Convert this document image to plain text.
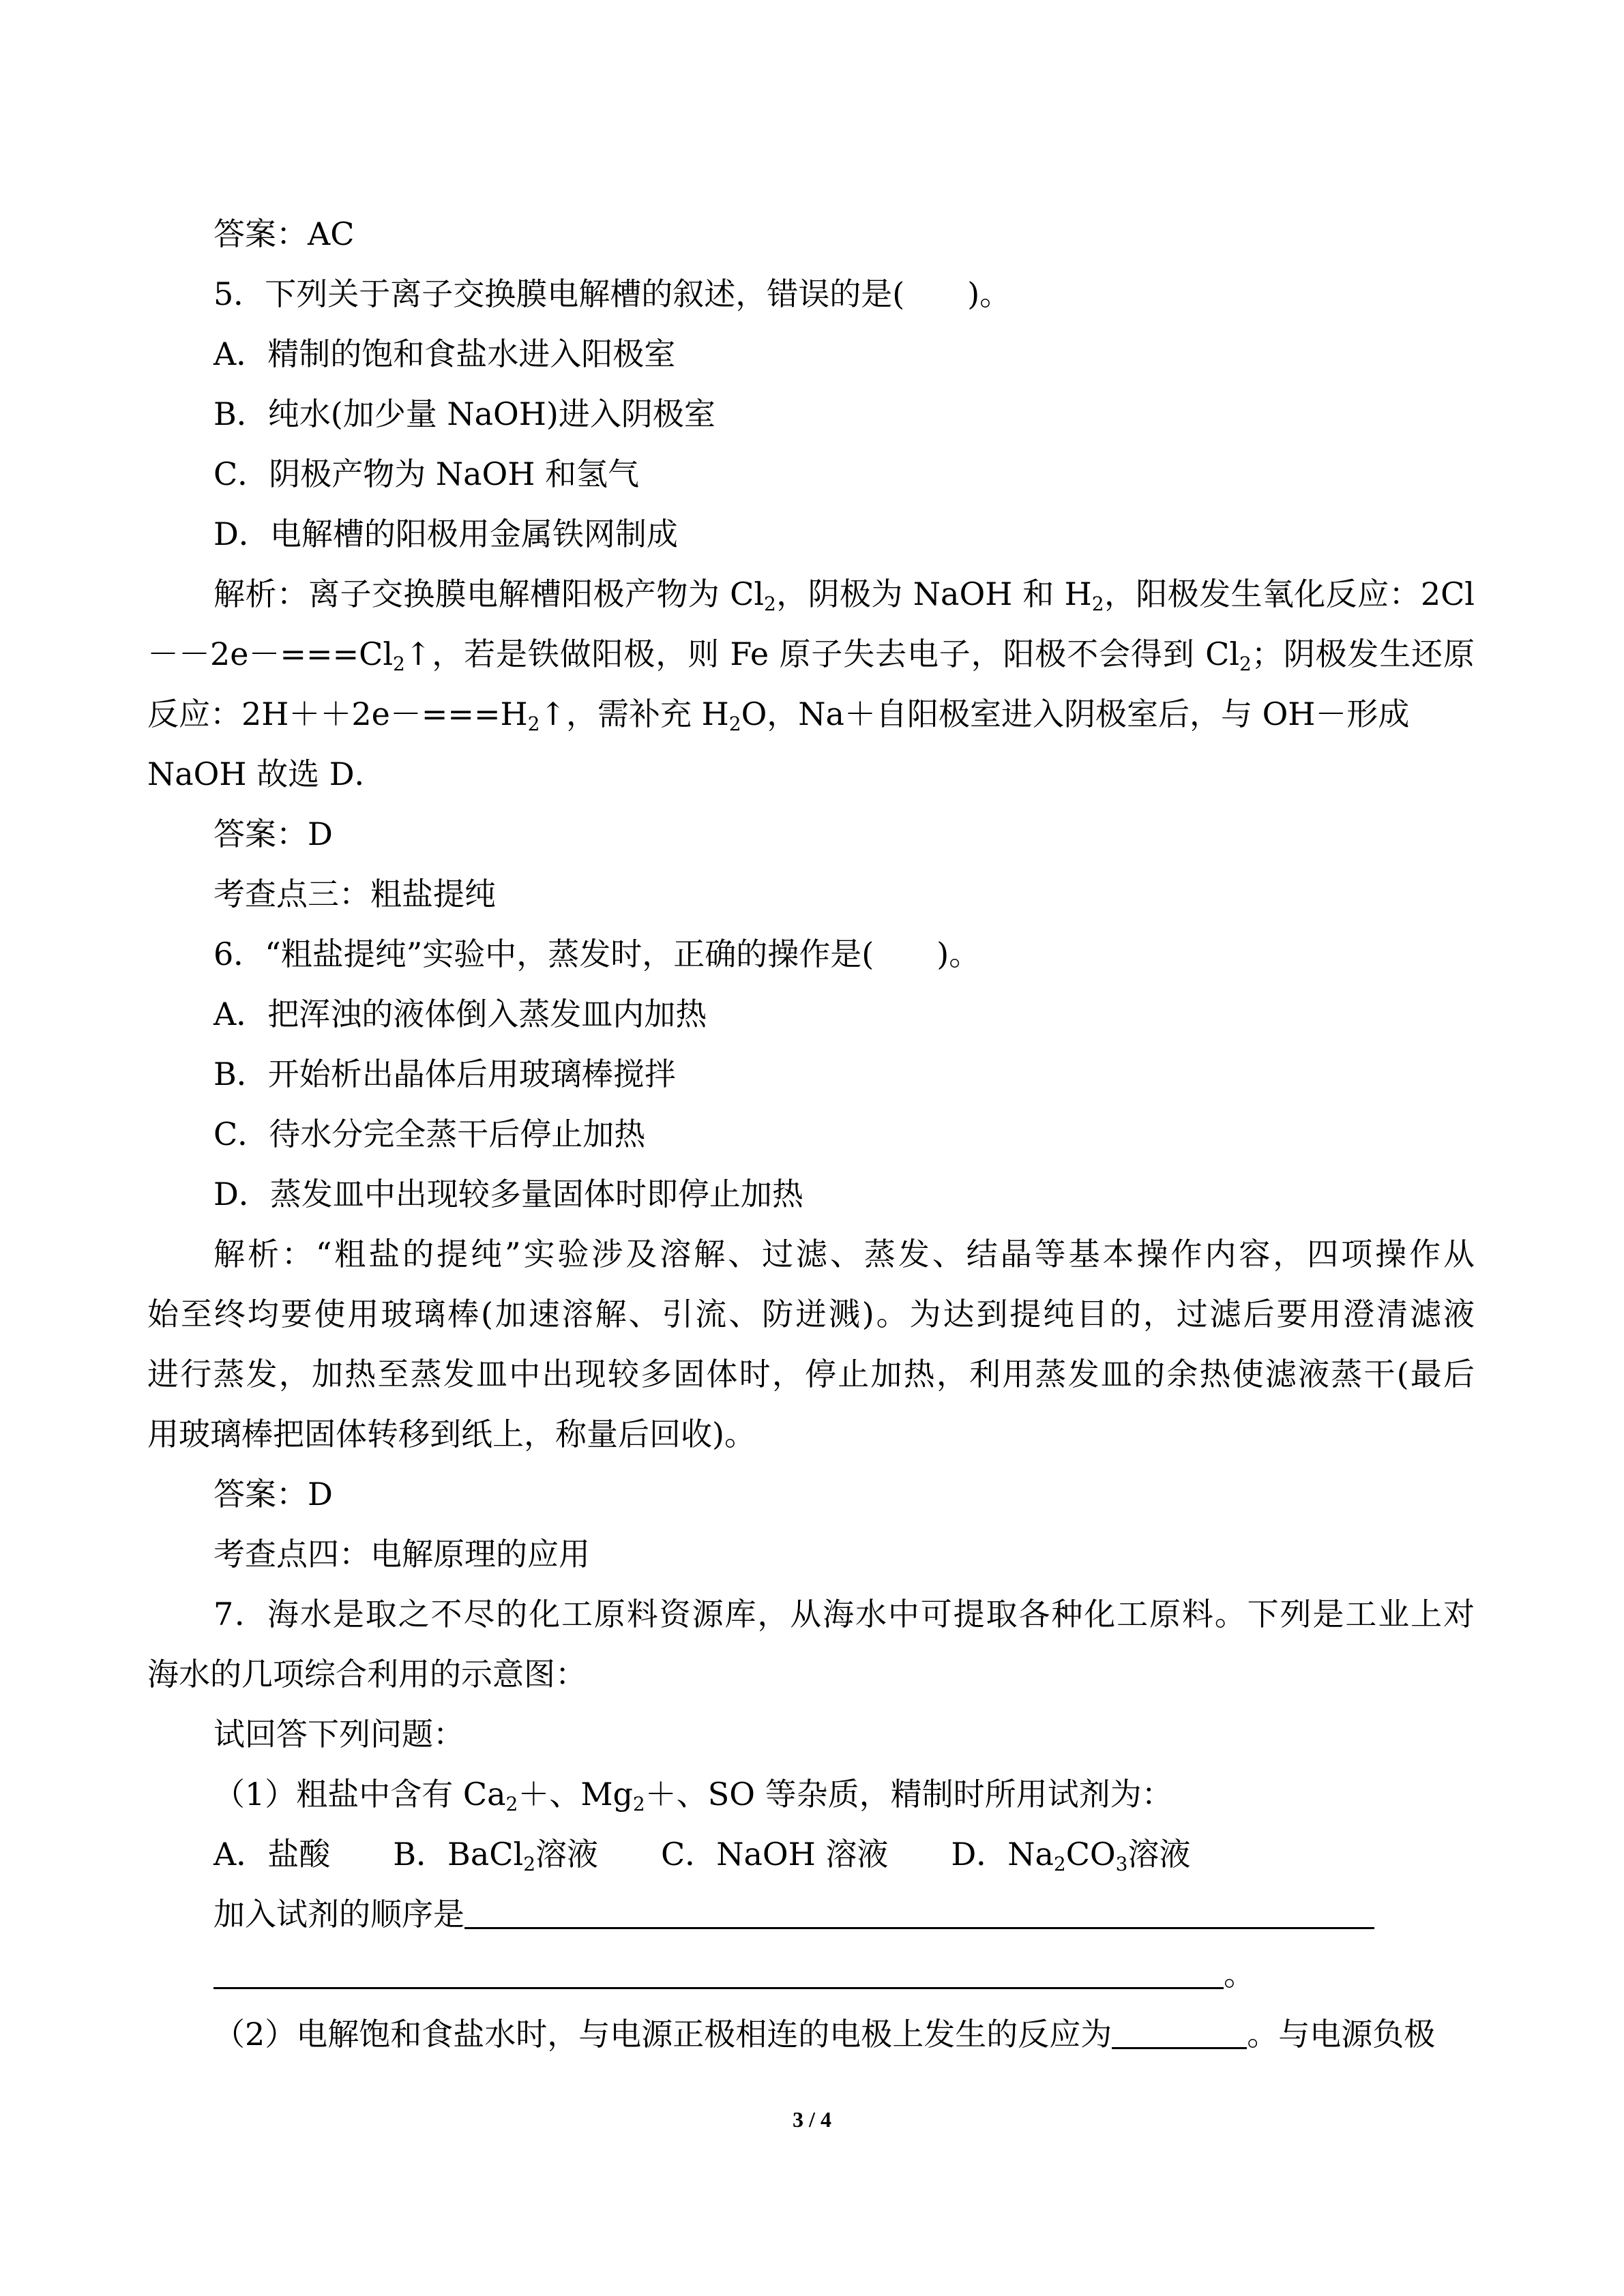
答案：AC
5．下列关于离子交换膜电解槽的叙述，错误的是(　　)。
A．精制的饱和食盐水进入阳极室
B．纯水(加少量 NaOH)进入阴极室
C．阴极产物为 NaOH 和氢气
D．电解槽的阳极用金属铁网制成
解析：离子交换膜电解槽阳极产物为 $Cl_2$，阴极为 NaOH 和 $H_2$，阳极发生氧化反应：2Cl
$--2e-===Cl_2↑$，若是铁做阳极，则 Fe 原子失去电子，阳极不会得到 $Cl_2$；阴极发生还原
反应：$2H++2e-===H_2↑$，需补充 $H_2O$，Na＋自阳极室进入阴极室后，与 OH－形成
NaOH 故选 D．
答案：D
考查点三：粗盐提纯
6．“粗盐提纯”实验中，蒸发时，正确的操作是(　　)。
A．把浑浊的液体倒入蒸发皿内加热
B．开始析出晶体后用玻璃棒搅拌
C．待水分完全蒸干后停止加热
D．蒸发皿中出现较多量固体时即停止加热
解析：“粗盐的提纯”实验涉及溶解、过滤、蒸发、结晶等基本操作内容，四项操作从
始至终均要使用玻璃棒(加速溶解、引流、防迸溅)。为达到提纯目的，过滤后要用澄清滤液
进行蒸发，加热至蒸发皿中出现较多固体时，停止加热，利用蒸发皿的余热使滤液蒸干(最后
用玻璃棒把固体转移到纸上，称量后回收)。
答案：D
考查点四：电解原理的应用
7．海水是取之不尽的化工原料资源库，从海水中可提取各种化工原料。下列是工业上对
海水的几项综合利用的示意图：
试回答下列问题：
（1）粗盐中含有 $Ca_2+$、$Mg_2+$、SO 等杂质，精制时所用试剂为：
A．盐酸 B．BaCl$_2$溶液 C．NaOH 溶液 D．$Na_2CO_3$溶液
加入试剂的顺序是
。
（2）电解饱和食盐水时，与电源正极相连的电极上发生的反应为	。与电源负极
3 / 4
